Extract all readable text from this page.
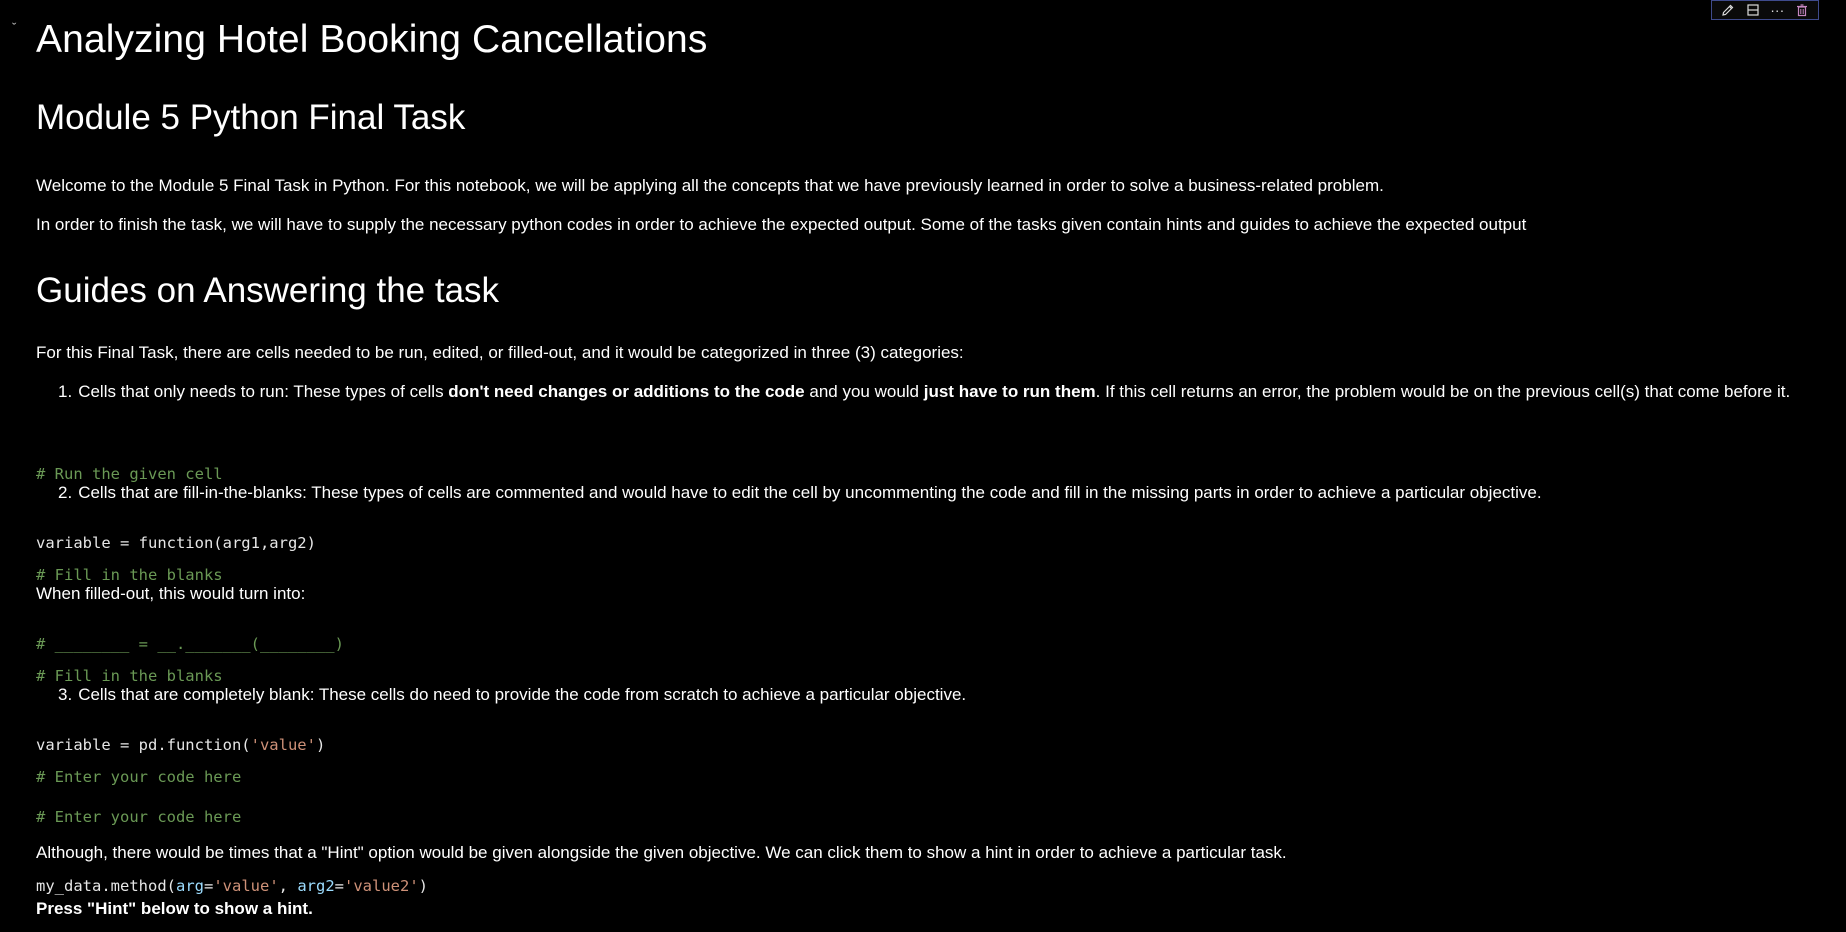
ˇ
···
Analyzing Hotel Booking Cancellations
Module 5 Python Final Task
Welcome to the Module 5 Final Task in Python. For this notebook, we will be applying all the concepts that we have previously learned in order to solve a business-related problem.
In order to finish the task, we will have to supply the necessary python codes in order to achieve the expected output. Some of the tasks given contain hints and guides to achieve the expected output
Guides on Answering the task
For this Final Task, there are cells needed to be run, edited, or filled-out, and it would be categorized in three (3) categories:
1. Cells that only needs to run: These types of cells don't need changes or additions to the code and you would just have to run them. If this cell returns an error, the problem would be on the previous cell(s) that come before it.

# Run the given cell

variable = function(arg1,arg2)

2. Cells that are fill-in-the-blanks: These types of cells are commented and would have to edit the cell by uncommenting the code and fill in the missing parts in order to achieve a particular objective.

# Fill in the blanks

# ________ = __._______(________)

When filled-out, this would turn into:

# Fill in the blanks

variable = pd.function('value')

3. Cells that are completely blank: These cells do need to provide the code from scratch to achieve a particular objective.

# Enter your code here

# Enter your code here

my_data.method(arg='value', arg2='value2')

Although, there would be times that a "Hint" option would be given alongside the given objective. We can click them to show a hint in order to achieve a particular task.
Press "Hint" below to show a hint.
